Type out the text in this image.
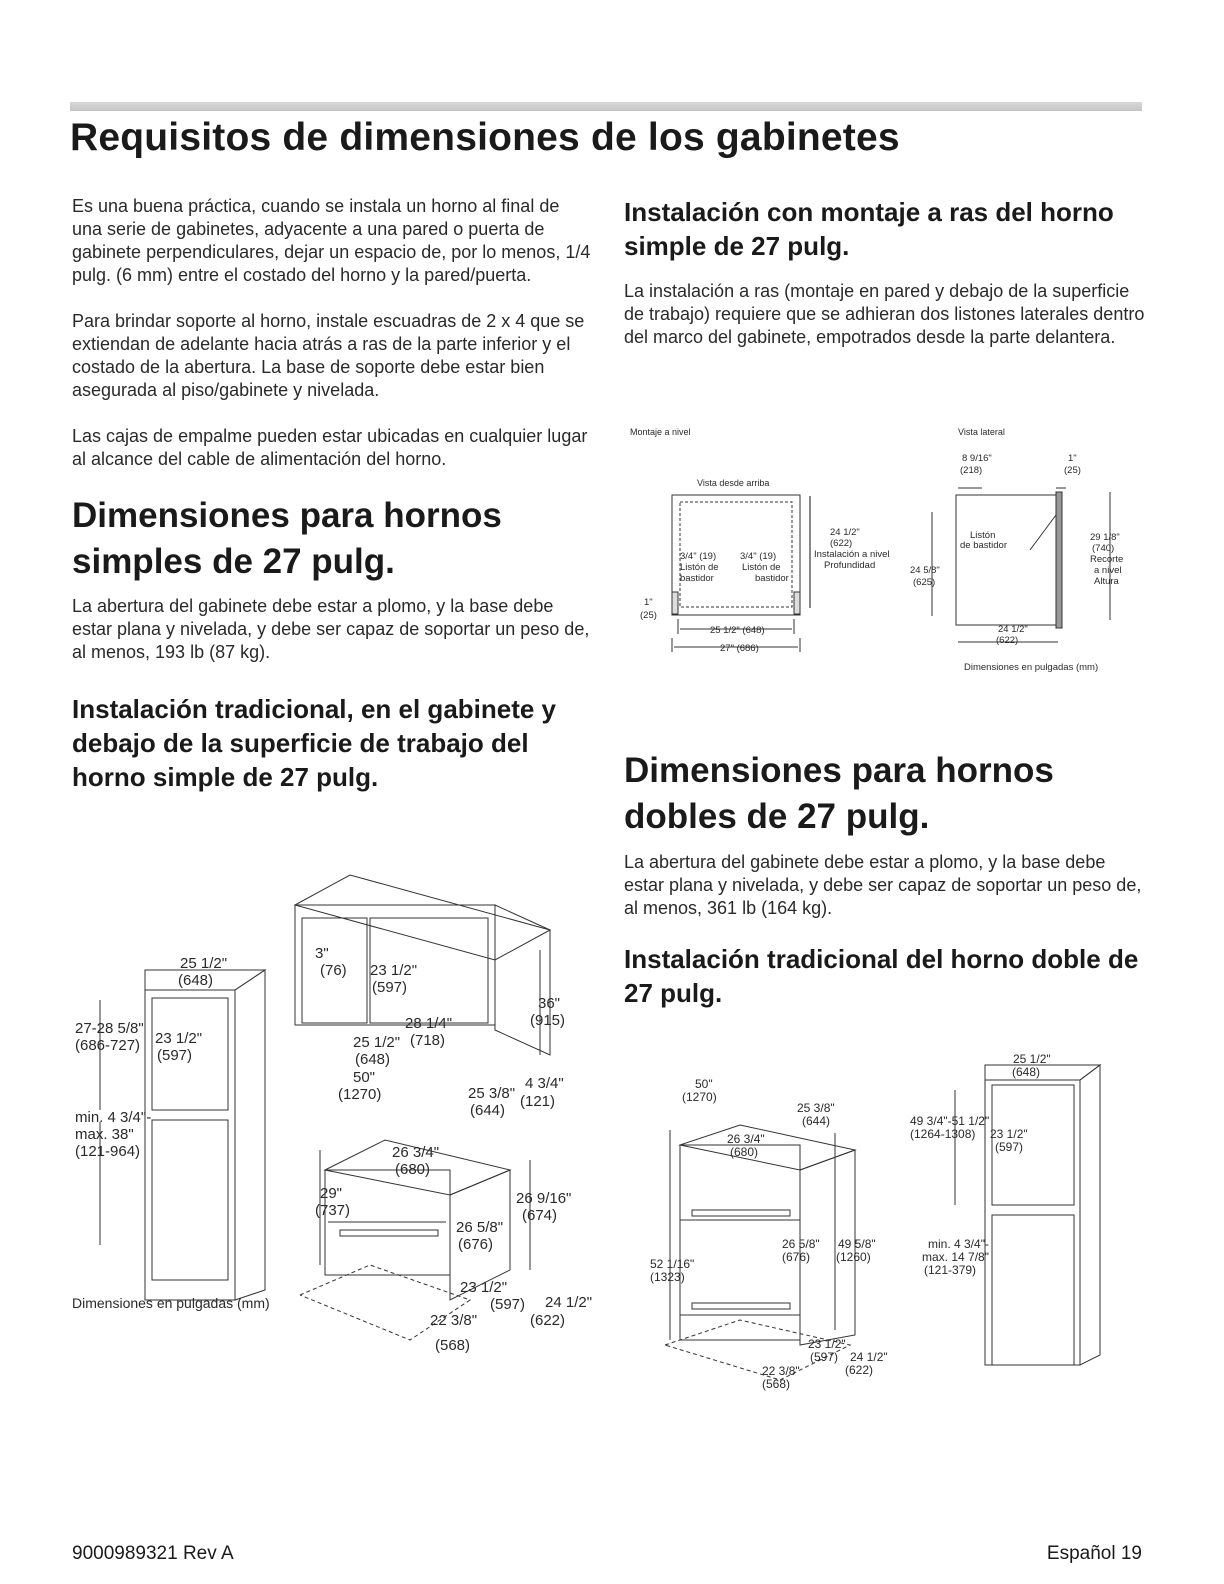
Requisitos de dimensiones de los gabinetes

Es una buena práctica, cuando se instala un horno al final de una serie de gabinetes, adyacente a una pared o puerta de gabinete perpendiculares, dejar un espacio de, por lo menos, 1/4 pulg. (6 mm) entre el costado del horno y la pared/puerta.

Para brindar soporte al horno, instale escuadras de 2 x 4 que se extiendan de adelante hacia atrás a ras de la parte inferior y el costado de la abertura. La base de soporte debe estar bien asegurada al piso/gabinete y nivelada.

Las cajas de empalme pueden estar ubicadas en cualquier lugar al alcance del cable de alimentación del horno.

Dimensiones para hornos simples de 27 pulg.

La abertura del gabinete debe estar a plomo, y la base debe estar plana y nivelada, y debe ser capaz de soportar un peso de, al menos, 193 lb (87 kg).

Instalación tradicional, en el gabinete y debajo de la superficie de trabajo del horno simple de 27 pulg.
Instalación con montaje a ras del horno simple de 27 pulg.

La instalación a ras (montaje en pared y debajo de la superficie de trabajo) requiere que se adhieran dos listones laterales dentro del marco del gabinete, empotrados desde la parte delantera.

Dimensiones para hornos dobles de 27 pulg.

La abertura del gabinete debe estar a plomo, y la base debe estar plana y nivelada, y debe ser capaz de soportar un peso de, al menos, 361 lb (164 kg).

Instalación tradicional del horno doble de 27 pulg.
Montaje a nivel	Vista lateral
Vista desde arriba
3/4" (19)
Listón de
bastidor
3/4" (19)
Listón de
bastidor
24 1/2"
(622)
Instalación a nivel
Profundidad
1"
(25)
25 1/2" (648)
27" (686)
8 9/16"
(218)
1"
(25)
Listón
de bastidor
24 5/8"
(625)
29 1/8"
(740)
Recorte
a nivel
Altura
24 1/2"
(622)
Dimensiones en pulgadas (mm)
25 1/2"
(648)
27-28 5/8"
(686-727) 23 1/2"
(597)
min. 4 3/4"-
max. 38"
(121-964)
3"
(76) 23 1/2"
(597)
28 1/4"
(718)
36"
(915)
25 1/2"
(648)
4 3/4"
(121)
50"
(1270)	25 3/8"
(644)
26 3/4"
(680)
29"
(737)
26 9/16"
(674)
26 5/8"
(676)
23 1/2"
(597) 24 1/2"
(622)
22 3/8"
(568)
Dimensiones en pulgadas (mm)
50"
(1270)
25 3/8"
(644)
26 3/4"
(680)
52 1/16"
(1323)
26 5/8"
(676)
49 5/8"
(1260)
23 1/2"
(597) 24 1/2"
(622)
22 3/8"
(568)
25 1/2"
(648)
49 3/4"-51 1/2"
(1264-1308) 23 1/2"
(597)
min. 4 3/4"-
max. 14 7/8"
(121-379)
9000989321 Rev A	Español 19
